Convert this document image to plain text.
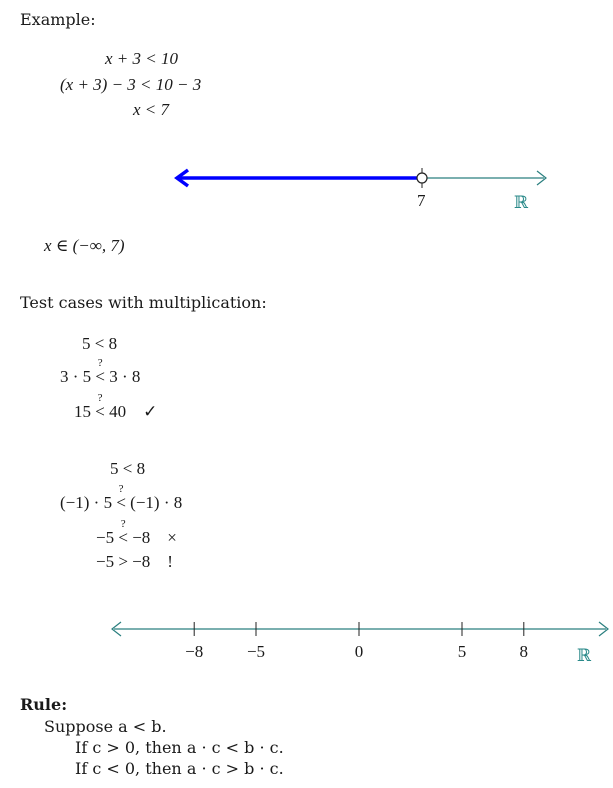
Example:
x + 3 < 10
(x + 3) − 3 < 10 − 3
x < 7
7	ℝ
x ∈ (−∞, 7)
Test cases with multiplication:
5 < 8
3 · 5
?
< 3 · 8
15
?
< 40 ✓
5 < 8
(−1) · 5
?
< (−1) · 8
−5
?
< −8 ×
−5 > −8 !
−8	−5	0	5	8	ℝ
Rule:
Suppose a < b.
If c > 0, then a · c < b · c.
If c < 0, then a · c > b · c.
